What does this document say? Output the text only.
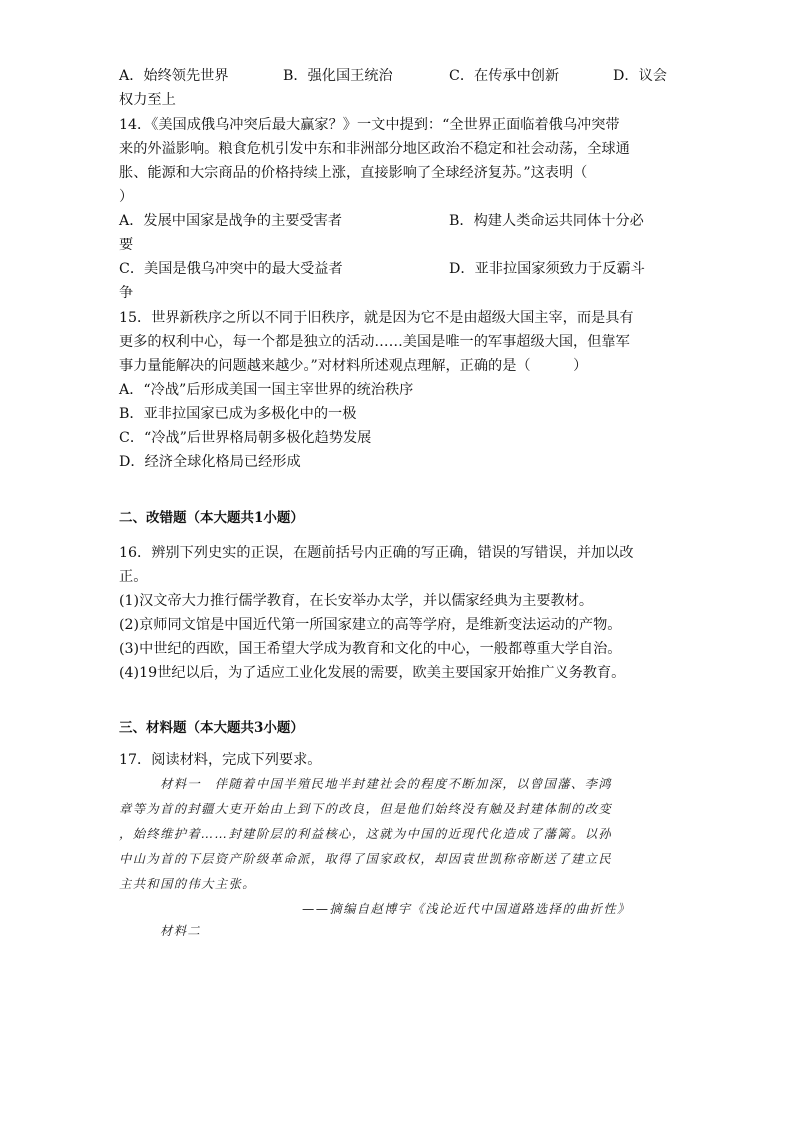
A．始终领先世界	B．强化国王统治	C．在传承中创新	D．议会
权力至上
14．《美国成俄乌冲突后最大赢家？》一文中提到：“全世界正面临着俄乌冲突带
来的外溢影响。粮食危机引发中东和非洲部分地区政治不稳定和社会动荡，全球通
胀、能源和大宗商品的价格持续上涨，直接影响了全球经济复苏。”这表明（
）
A．发展中国家是战争的主要受害者	B．构建人类命运共同体十分必
要
C．美国是俄乌冲突中的最大受益者	D．亚非拉国家须致力于反霸斗
争
15．世界新秩序之所以不同于旧秩序，就是因为它不是由超级大国主宰，而是具有
更多的权利中心，每一个都是独立的活动……美国是唯一的军事超级大国，但靠军
事力量能解决的问题越来越少。”对材料所述观点理解，正确的是（　　　）
A．“冷战”后形成美国一国主宰世界的统治秩序
B．亚非拉国家已成为多极化中的一极
C．“冷战”后世界格局朝多极化趋势发展
D．经济全球化格局已经形成
二、改错题（本大题共1小题）
16．辨别下列史实的正误，在题前括号内正确的写正确，错误的写错误，并加以改
正。
(1)汉文帝大力推行儒学教育，在长安举办太学，并以儒家经典为主要教材。
(2)京师同文馆是中国近代第一所国家建立的高等学府，是维新变法运动的产物。
(3)中世纪的西欧，国王希望大学成为教育和文化的中心，一般都尊重大学自治。
(4)19世纪以后，为了适应工业化发展的需要，欧美主要国家开始推广义务教育。
三、材料题（本大题共3小题）
17．阅读材料，完成下列要求。
材料一　伴随着中国半殖民地半封建社会的程度不断加深，以曾国藩、李鸿
章等为首的封疆大吏开始由上到下的改良，但是他们始终没有触及封建体制的改变
，始终维护着……封建阶层的利益核心，这就为中国的近现代化造成了藩篱。以孙
中山为首的下层资产阶级革命派，取得了国家政权，却因袁世凯称帝断送了建立民
主共和国的伟大主张。
——摘编自赵博宇《浅论近代中国道路选择的曲折性》
材料二
